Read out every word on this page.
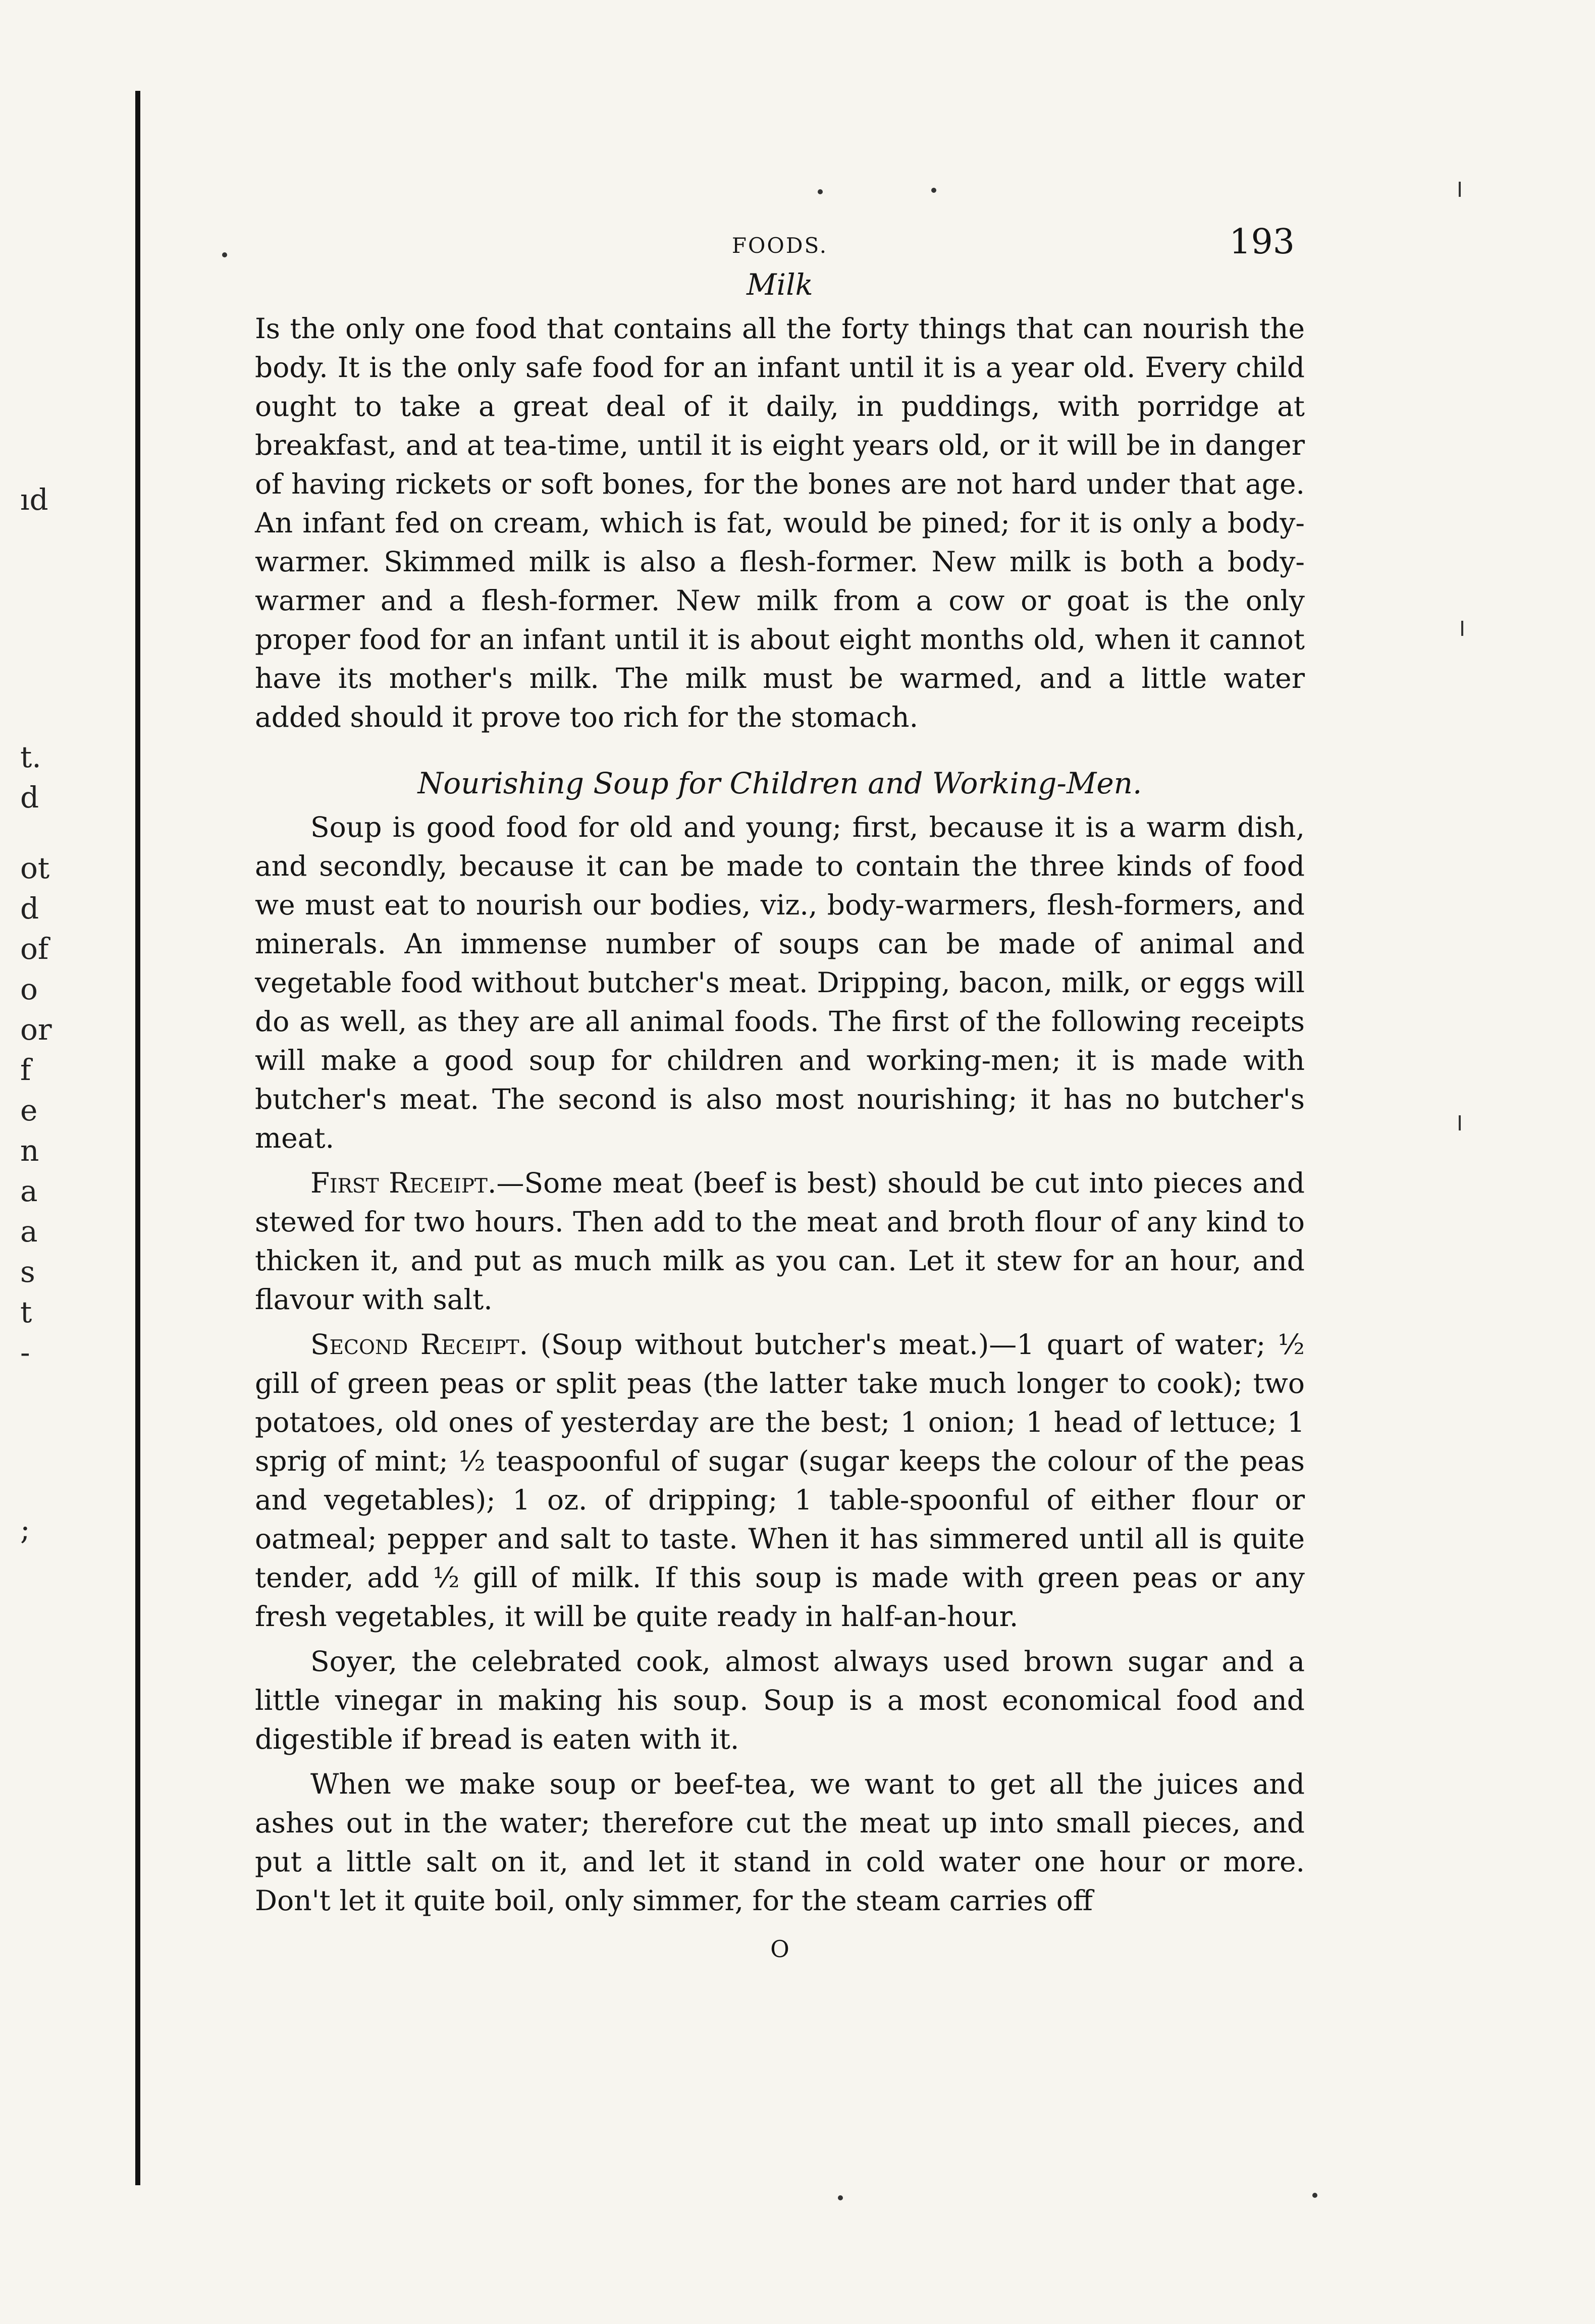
ıd
t.
d
ot
d
of
o
or
f
e
n
a
a
s
t
-
;
FOODS.	193
Milk

Is the only one food that contains all the forty things that can nourish the body. It is the only safe food for an infant until it is a year old. Every child ought to take a great deal of it daily, in puddings, with porridge at breakfast, and at tea-time, until it is eight years old, or it will be in danger of having rickets or soft bones, for the bones are not hard under that age. An infant fed on cream, which is fat, would be pined; for it is only a body-warmer. Skimmed milk is also a flesh-former. New milk is both a body-warmer and a flesh-former. New milk from a cow or goat is the only proper food for an infant until it is about eight months old, when it cannot have its mother's milk. The milk must be warmed, and a little water added should it prove too rich for the stomach.

Nourishing Soup for Children and Working-Men.

Soup is good food for old and young; first, because it is a warm dish, and secondly, because it can be made to contain the three kinds of food we must eat to nourish our bodies, viz., body-warmers, flesh-formers, and minerals. An immense number of soups can be made of animal and vegetable food without butcher's meat. Dripping, bacon, milk, or eggs will do as well, as they are all animal foods. The first of the following receipts will make a good soup for children and working-men; it is made with butcher's meat. The second is also most nourishing; it has no butcher's meat.

First Receipt.—Some meat (beef is best) should be cut into pieces and stewed for two hours. Then add to the meat and broth flour of any kind to thicken it, and put as much milk as you can. Let it stew for an hour, and flavour with salt.

Second Receipt. (Soup without butcher's meat.)—1 quart of water; ½ gill of green peas or split peas (the latter take much longer to cook); two potatoes, old ones of yesterday are the best; 1 onion; 1 head of lettuce; 1 sprig of mint; ½ teaspoonful of sugar (sugar keeps the colour of the peas and vegetables); 1 oz. of dripping; 1 table-spoonful of either flour or oatmeal; pepper and salt to taste. When it has simmered until all is quite tender, add ½ gill of milk. If this soup is made with green peas or any fresh vegetables, it will be quite ready in half-an-hour.

Soyer, the celebrated cook, almost always used brown sugar and a little vinegar in making his soup. Soup is a most economical food and digestible if bread is eaten with it.

When we make soup or beef-tea, we want to get all the juices and ashes out in the water; therefore cut the meat up into small pieces, and put a little salt on it, and let it stand in cold water one hour or more. Don't let it quite boil, only simmer, for the steam carries off

O
